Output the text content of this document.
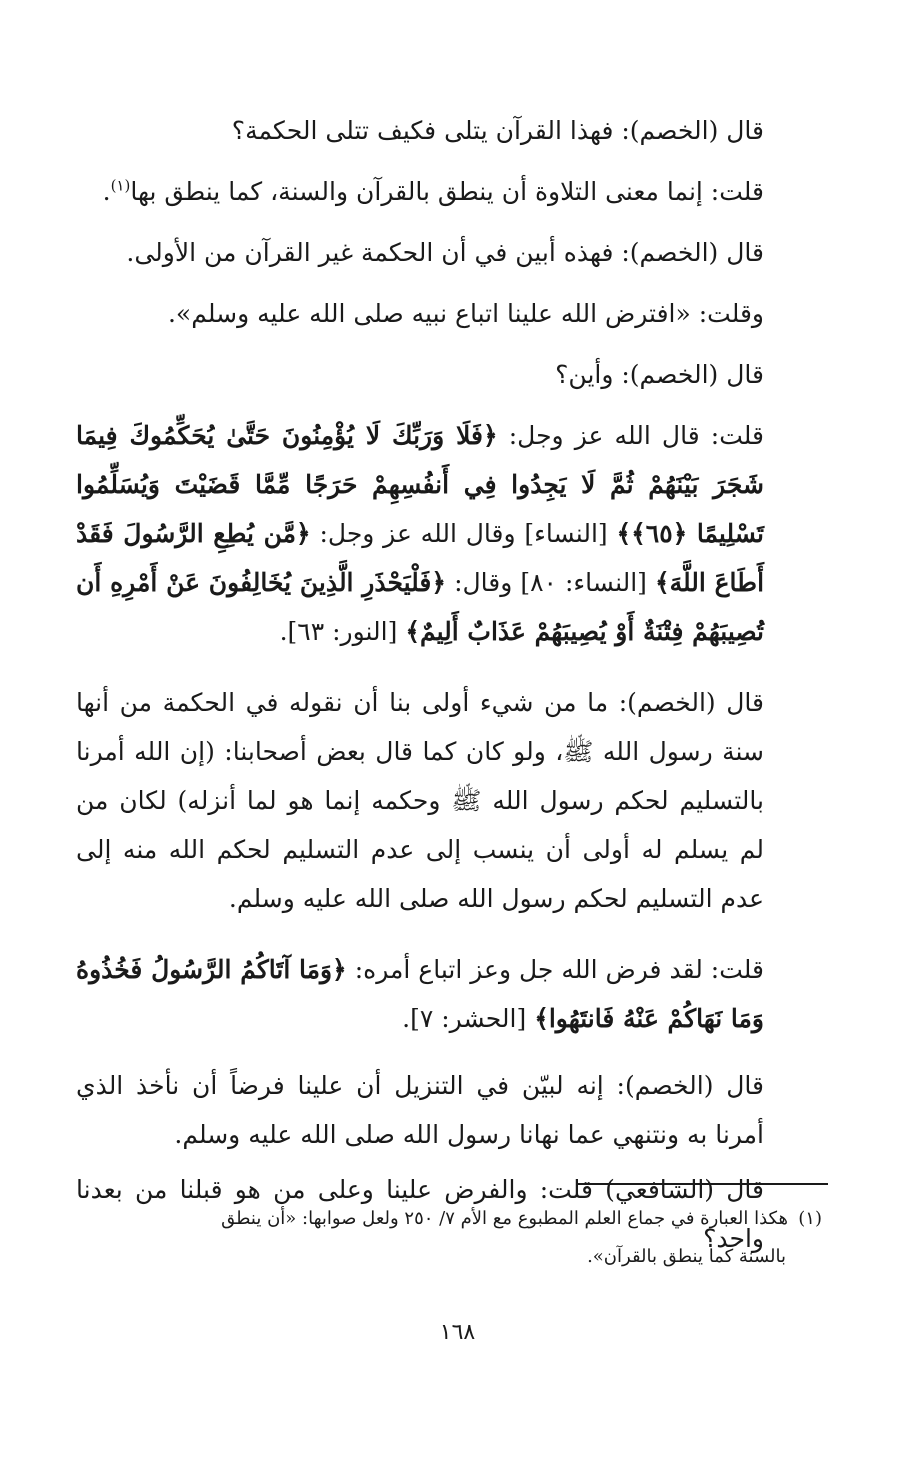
قال (الخصم): فهذا القرآن يتلى فكيف تتلى الحكمة؟

قلت: إنما معنى التلاوة أن ينطق بالقرآن والسنة، كما ينطق بها$^{(١)}$.

قال (الخصم): فهذه أبين في أن الحكمة غير القرآن من الأولى.

وقلت: «افترض الله علينا اتباع نبيه صلى الله عليه وسلم».

قال (الخصم): وأين؟

قلت: قال الله عز وجل: ﴿فَلَا وَرَبِّكَ لَا يُؤْمِنُونَ حَتَّىٰ يُحَكِّمُوكَ فِيمَا شَجَرَ بَيْنَهُمْ ثُمَّ لَا يَجِدُوا فِي أَنفُسِهِمْ حَرَجًا مِّمَّا قَضَيْتَ وَيُسَلِّمُوا تَسْلِيمًا ﴿٦٥﴾﴾ [النساء] وقال الله عز وجل: ﴿مَّن يُطِعِ الرَّسُولَ فَقَدْ أَطَاعَ اللَّهَ﴾ [النساء: ٨٠] وقال: ﴿فَلْيَحْذَرِ الَّذِينَ يُخَالِفُونَ عَنْ أَمْرِهِ أَن تُصِيبَهُمْ فِتْنَةٌ أَوْ يُصِيبَهُمْ عَذَابٌ أَلِيمٌ﴾ [النور: ٦٣].

قال (الخصم): ما من شيء أولى بنا أن نقوله في الحكمة من أنها سنة رسول الله ﷺ، ولو كان كما قال بعض أصحابنا: (إن الله أمرنا بالتسليم لحكم رسول الله ﷺ وحكمه إنما هو لما أنزله) لكان من لم يسلم له أولى أن ينسب إلى عدم التسليم لحكم الله منه إلى عدم التسليم لحكم رسول الله صلى الله عليه وسلم.

قلت: لقد فرض الله جل وعز اتباع أمره: ﴿وَمَا آتَاكُمُ الرَّسُولُ فَخُذُوهُ وَمَا نَهَاكُمْ عَنْهُ فَانتَهُوا﴾ [الحشر: ٧].

قال (الخصم): إنه لبيّن في التنزيل أن علينا فرضاً أن نأخذ الذي أمرنا به ونتنهي عما نهانا رسول الله صلى الله عليه وسلم.

قال (الشافعي) قلت: والفرض علينا وعلى من هو قبلنا من بعدنا واحد؟

(١)هكذا العبارة في جماع العلم المطبوع مع الأم ٧/ ٢٥٠ ولعل صوابها: «أن ينطق
بالسنة كما ينطق بالقرآن».
١٦٨
